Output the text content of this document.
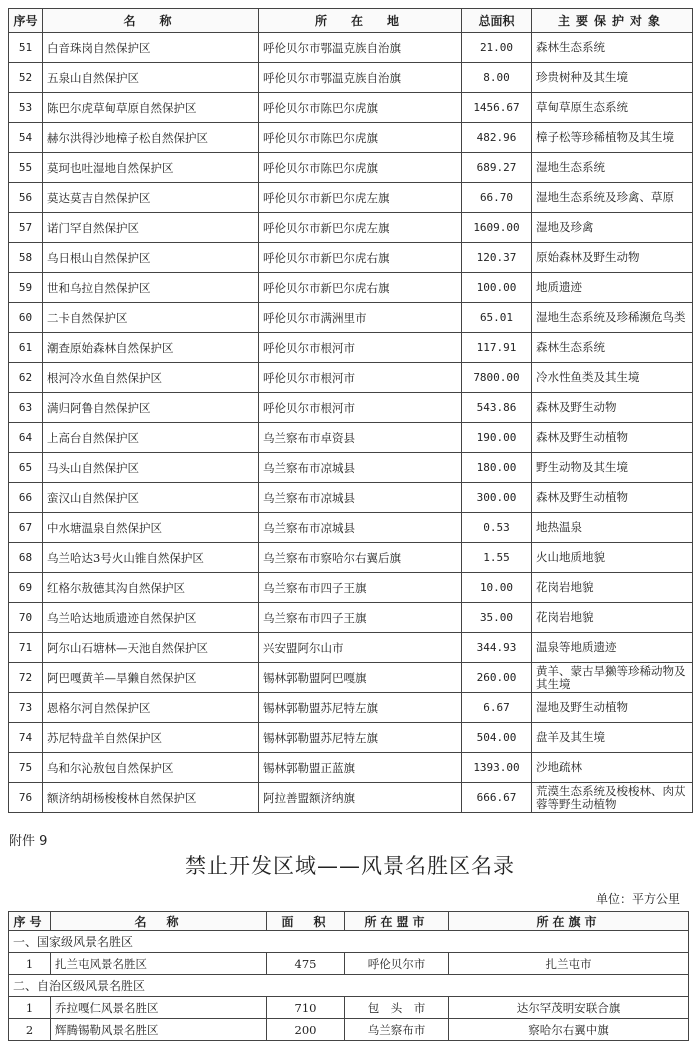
序号	名　称	所　在　地	总面积	主要保护对象
51	白音珠岗自然保护区	呼伦贝尔市鄂温克族自治旗	21.00	森林生态系统
52	五泉山自然保护区	呼伦贝尔市鄂温克族自治旗	8.00	珍贵树种及其生境
53	陈巴尔虎草甸草原自然保护区	呼伦贝尔市陈巴尔虎旗	1456.67	草甸草原生态系统
54	赫尔洪得沙地樟子松自然保护区	呼伦贝尔市陈巴尔虎旗	482.96	樟子松等珍稀植物及其生境
55	莫珂也吐湿地自然保护区	呼伦贝尔市陈巴尔虎旗	689.27	湿地生态系统
56	莫达莫吉自然保护区	呼伦贝尔市新巴尔虎左旗	66.70	湿地生态系统及珍禽、草原
57	诺门罕自然保护区	呼伦贝尔市新巴尔虎左旗	1609.00	湿地及珍禽
58	乌日根山自然保护区	呼伦贝尔市新巴尔虎右旗	120.37	原始森林及野生动物
59	世和乌拉自然保护区	呼伦贝尔市新巴尔虎右旗	100.00	地质遗迹
60	二卡自然保护区	呼伦贝尔市满洲里市	65.01	湿地生态系统及珍稀濒危鸟类
61	潮查原始森林自然保护区	呼伦贝尔市根河市	117.91	森林生态系统
62	根河冷水鱼自然保护区	呼伦贝尔市根河市	7800.00	冷水性鱼类及其生境
63	满归阿鲁自然保护区	呼伦贝尔市根河市	543.86	森林及野生动物
64	上高台自然保护区	乌兰察布市卓资县	190.00	森林及野生动植物
65	马头山自然保护区	乌兰察布市凉城县	180.00	野生动物及其生境
66	蛮汉山自然保护区	乌兰察布市凉城县	300.00	森林及野生动植物
67	中水塘温泉自然保护区	乌兰察布市凉城县	0.53	地热温泉
68	乌兰哈达3号火山锥自然保护区	乌兰察布市察哈尔右翼后旗	1.55	火山地质地貌
69	红格尔敖德其沟自然保护区	乌兰察布市四子王旗	10.00	花岗岩地貌
70	乌兰哈达地质遗迹自然保护区	乌兰察布市四子王旗	35.00	花岗岩地貌
71	阿尔山石塘林—天池自然保护区	兴安盟阿尔山市	344.93	温泉等地质遗迹
72	阿巴嘎黄羊—旱獭自然保护区	锡林郭勒盟阿巴嘎旗	260.00	黄羊、蒙古旱獭等珍稀动物及其生境
73	恩格尔河自然保护区	锡林郭勒盟苏尼特左旗	6.67	湿地及野生动植物
74	苏尼特盘羊自然保护区	锡林郭勒盟苏尼特左旗	504.00	盘羊及其生境
75	乌和尔沁敖包自然保护区	锡林郭勒盟正蓝旗	1393.00	沙地疏林
76	额济纳胡杨梭梭林自然保护区	阿拉善盟额济纳旗	666.67	荒漠生态系统及梭梭林、肉苁蓉等野生动植物
附件 9
禁止开发区域——风景名胜区名录
单位：平方公里
序号	名　称	面　积	所在盟市	所在旗市
一、国家级风景名胜区				
1	扎兰屯风景名胜区	475	呼伦贝尔市	扎兰屯市
二、自治区级风景名胜区				
1	乔拉嘎仁风景名胜区	710	包　头　市	达尔罕茂明安联合旗
2	辉腾锡勒风景名胜区	200	乌兰察布市	察哈尔右翼中旗
